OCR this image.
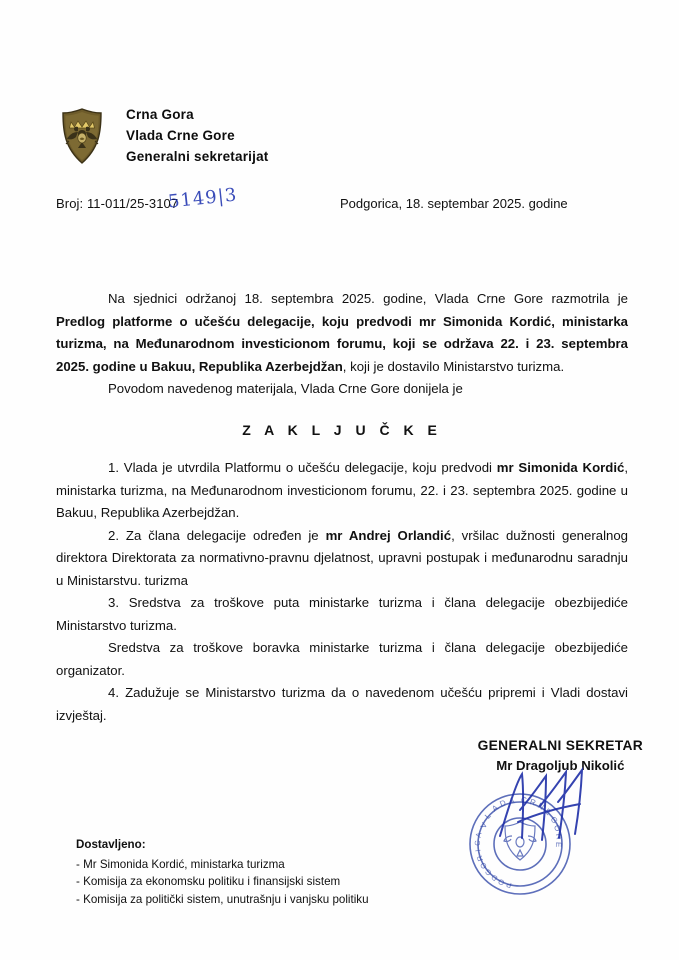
Crna Gora
Vlada Crne Gore
Generalni sekretarijat
Broj: 11-011/25-3107
5149|3	Podgorica, 18. septembar 2025. godine

Na sjednici održanoj 18. septembra 2025. godine, Vlada Crne Gore razmotrila je Predlog platforme o učešću delegacije, koju predvodi mr Simonida Kordić, ministarka turizma, na Međunarodnom investicionom forumu, koji se održava 22. i 23. septembra 2025. godine u Bakuu, Republika Azerbejdžan, koji je dostavilo Ministarstvo turizma.

Povodom navedenog materijala, Vlada Crne Gore donijela je

Z A K L J U Č K E

1. Vlada je utvrdila Platformu o učešću delegacije, koju predvodi mr Simonida Kordić, ministarka turizma, na Međunarodnom investicionom forumu, 22. i 23. septembra 2025. godine u Bakuu, Republika Azerbejdžan.

2. Za člana delegacije određen je mr Andrej Orlandić, vršilac dužnosti generalnog direktora Direktorata za normativno-pravnu djelatnost, upravni postupak i međunarodnu saradnju u Ministarstvu. turizma

3. Sredstva za troškove puta ministarke turizma i člana delegacije obezbijediće Ministarstvo turizma.

Sredstva za troškove boravka ministarke turizma i člana delegacije obezbijediće organizator.

4. Zadužuje se Ministarstvo turizma da o navedenom učešću pripremi i Vladi dostavi izvještaj.

GENERALNI SEKRETAR
Mr Dragoljub Nikolić
V
L
A
D A C R
N
E
G
O
R
E
P
O
D
G
O
R
I
C
A
Dostavljeno:
- Mr Simonida Kordić, ministarka turizma
- Komisija za ekonomsku politiku i finansijski sistem
- Komisija za politički sistem, unutrašnju i vanjsku politiku
